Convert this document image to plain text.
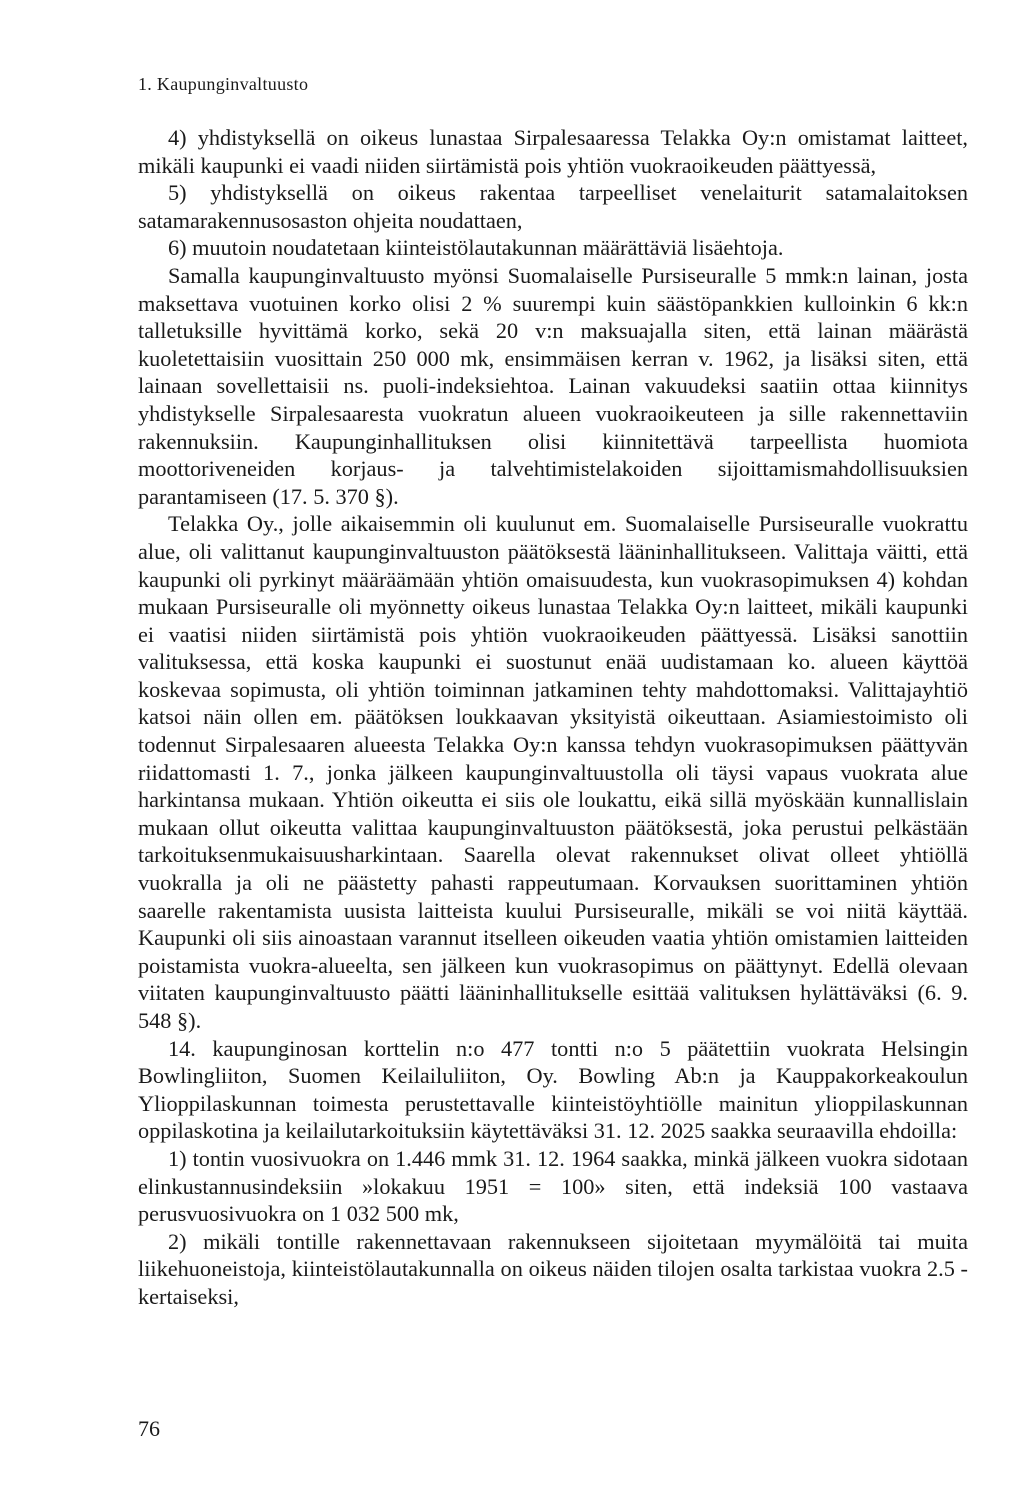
1. Kaupunginvaltuusto

4) yhdistyksellä on oikeus lunastaa Sirpalesaaressa Telakka Oy:n omistamat laitteet, mikäli kaupunki ei vaadi niiden siirtämistä pois yhtiön vuokraoikeuden päättyessä,

5) yhdistyksellä on oikeus rakentaa tarpeelliset venelaiturit satamalaitoksen satamarakennusosaston ohjeita noudattaen,

6) muutoin noudatetaan kiinteistölautakunnan määrättäviä lisäehtoja.

Samalla kaupunginvaltuusto myönsi Suomalaiselle Pursiseuralle 5 mmk:n lainan, josta maksettava vuotuinen korko olisi 2 % suurempi kuin säästöpankkien kulloinkin 6 kk:n talletuksille hyvittämä korko, sekä 20 v:n maksuajalla siten, että lainan määrästä kuoletettaisiin vuosittain 250 000 mk, ensimmäisen kerran v. 1962, ja lisäksi siten, että lainaan sovellettaisii ns. puoli-indeksiehtoa. Lainan vakuudeksi saatiin ottaa kiinnitys yhdistykselle Sirpalesaaresta vuokratun alueen vuokraoikeuteen ja sille rakennettaviin rakennuksiin. Kaupunginhallituksen olisi kiinnitettävä tarpeellista huomiota moottoriveneiden korjaus- ja talvehtimistelakoiden sijoittamismahdollisuuksien parantamiseen (17. 5. 370 §).

Telakka Oy., jolle aikaisemmin oli kuulunut em. Suomalaiselle Pursiseuralle vuokrattu alue, oli valittanut kaupunginvaltuuston päätöksestä lääninhallitukseen. Valittaja väitti, että kaupunki oli pyrkinyt määräämään yhtiön omaisuudesta, kun vuokrasopimuksen 4) kohdan mukaan Pursiseuralle oli myönnetty oikeus lunastaa Telakka Oy:n laitteet, mikäli kaupunki ei vaatisi niiden siirtämistä pois yhtiön vuokraoikeuden päättyessä. Lisäksi sanottiin valituksessa, että koska kaupunki ei suostunut enää uudistamaan ko. alueen käyttöä koskevaa sopimusta, oli yhtiön toiminnan jatkaminen tehty mahdottomaksi. Valittajayhtiö katsoi näin ollen em. päätöksen loukkaavan yksityistä oikeuttaan. Asiamiestoimisto oli todennut Sirpalesaaren alueesta Telakka Oy:n kanssa tehdyn vuokrasopimuksen päättyvän riidattomasti 1. 7., jonka jälkeen kaupunginvaltuustolla oli täysi vapaus vuokrata alue harkintansa mukaan. Yhtiön oikeutta ei siis ole loukattu, eikä sillä myöskään kunnallislain mukaan ollut oikeutta valittaa kaupunginvaltuuston päätöksestä, joka perustui pelkästään tarkoituksenmukaisuusharkintaan. Saarella olevat rakennukset olivat olleet yhtiöllä vuokralla ja oli ne päästetty pahasti rappeutumaan. Korvauksen suorittaminen yhtiön saarelle rakentamista uusista laitteista kuului Pursiseuralle, mikäli se voi niitä käyttää. Kaupunki oli siis ainoastaan varannut itselleen oikeuden vaatia yhtiön omistamien laitteiden poistamista vuokra-alueelta, sen jälkeen kun vuokrasopimus on päättynyt. Edellä olevaan viitaten kaupunginvaltuusto päätti lääninhallitukselle esittää valituksen hylättäväksi (6. 9. 548 §).

14. kaupunginosan korttelin n:o 477 tontti n:o 5 päätettiin vuokrata Helsingin Bowlingliiton, Suomen Keilailuliiton, Oy. Bowling Ab:n ja Kauppakorkeakoulun Ylioppilaskunnan toimesta perustettavalle kiinteistöyhtiölle mainitun ylioppilaskunnan oppilaskotina ja keilailutarkoituksiin käytettäväksi 31. 12. 2025 saakka seuraavilla ehdoilla:

1) tontin vuosivuokra on 1.446 mmk 31. 12. 1964 saakka, minkä jälkeen vuokra sidotaan elinkustannusindeksiin »lokakuu 1951 = 100» siten, että indeksiä 100 vastaava perusvuosivuokra on 1 032 500 mk,

2) mikäli tontille rakennettavaan rakennukseen sijoitetaan myymälöitä tai muita liikehuoneistoja, kiinteistölautakunnalla on oikeus näiden tilojen osalta tarkistaa vuokra 2.5 -kertaiseksi,

76
